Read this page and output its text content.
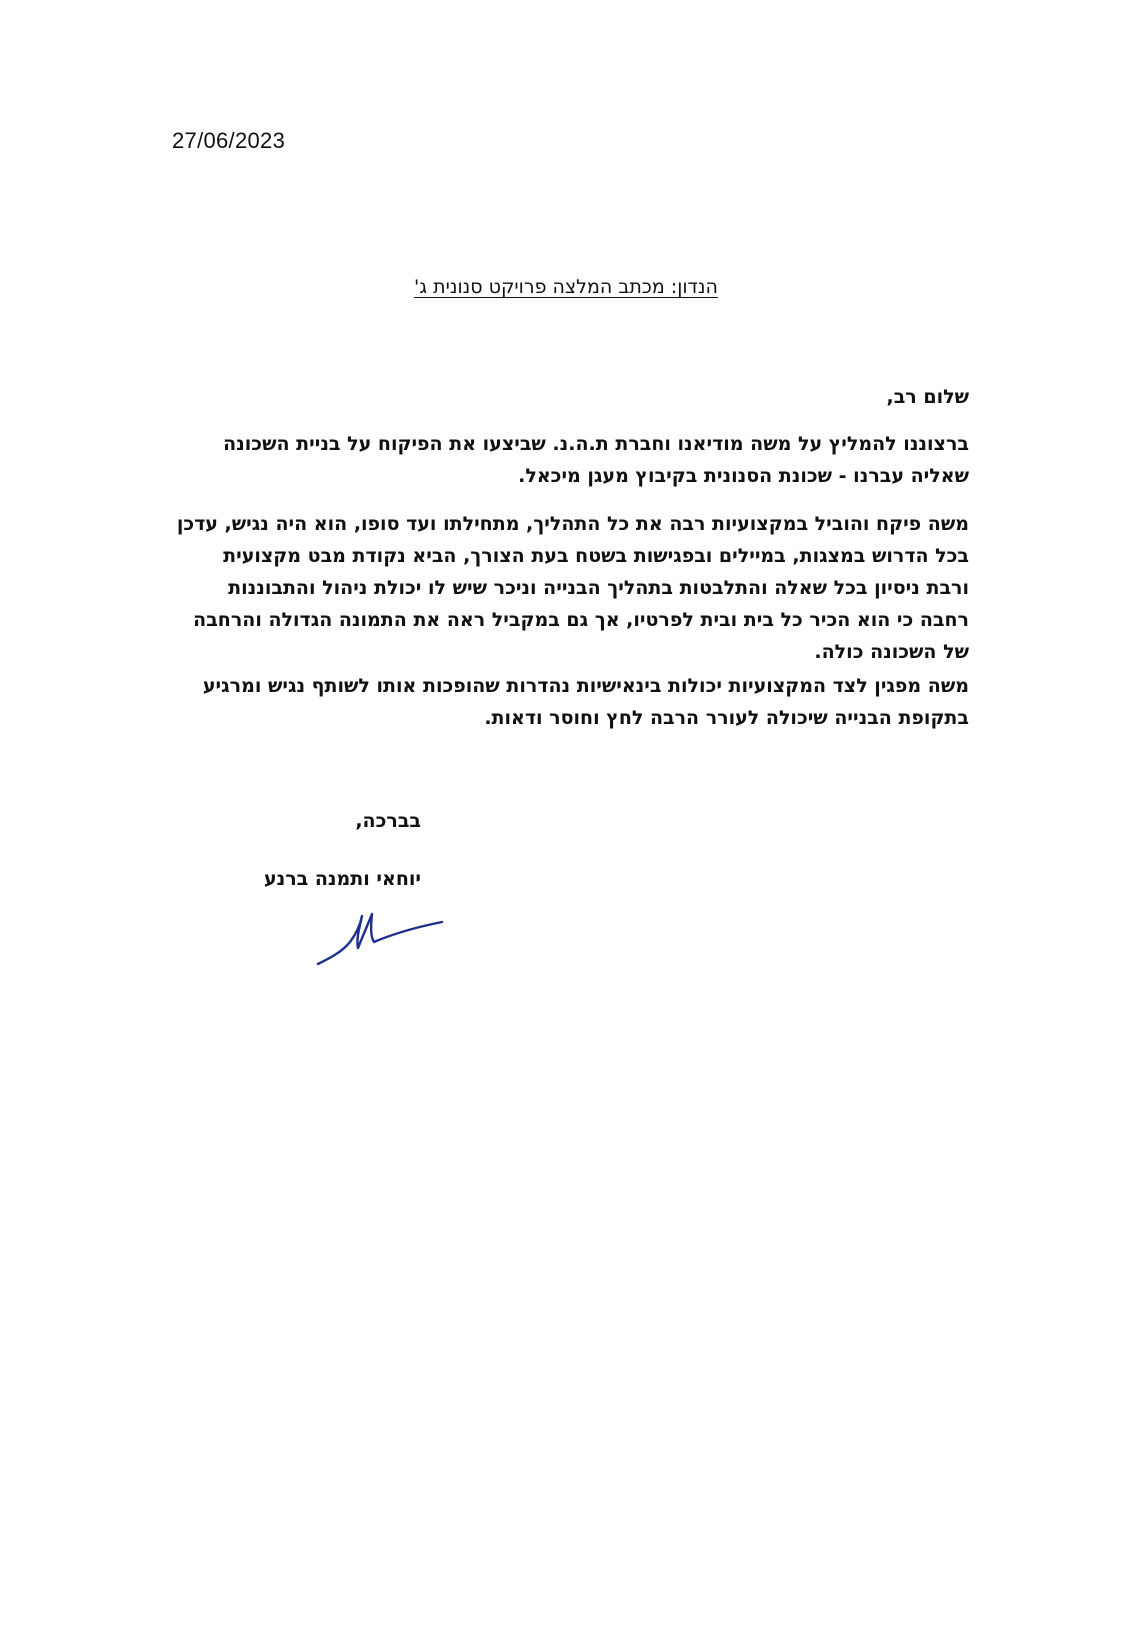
27/06/2023
הנדון: מכתב המלצה פרויקט סנונית ג'
שלום רב,
ברצוננו להמליץ על משה מודיאנו וחברת ת.ה.נ. שביצעו את הפיקוח על בניית השכונה
שאליה עברנו - שכונת הסנונית בקיבוץ מעגן מיכאל.
משה פיקח והוביל במקצועיות רבה את כל התהליך, מתחילתו ועד סופו, הוא היה נגיש, עדכן
בכל הדרוש במצגות, במיילים ובפגישות בשטח בעת הצורך, הביא נקודת מבט מקצועית
ורבת ניסיון בכל שאלה והתלבטות בתהליך הבנייה וניכר שיש לו יכולת ניהול והתבוננות
רחבה כי הוא הכיר כל בית ובית לפרטיו, אך גם במקביל ראה את התמונה הגדולה והרחבה
של השכונה כולה.
משה מפגין לצד המקצועיות יכולות בינאישיות נהדרות שהופכות אותו לשותף נגיש ומרגיע
בתקופת הבנייה שיכולה לעורר הרבה לחץ וחוסר ודאות.
בברכה,
יוחאי ותמנה ברנע
